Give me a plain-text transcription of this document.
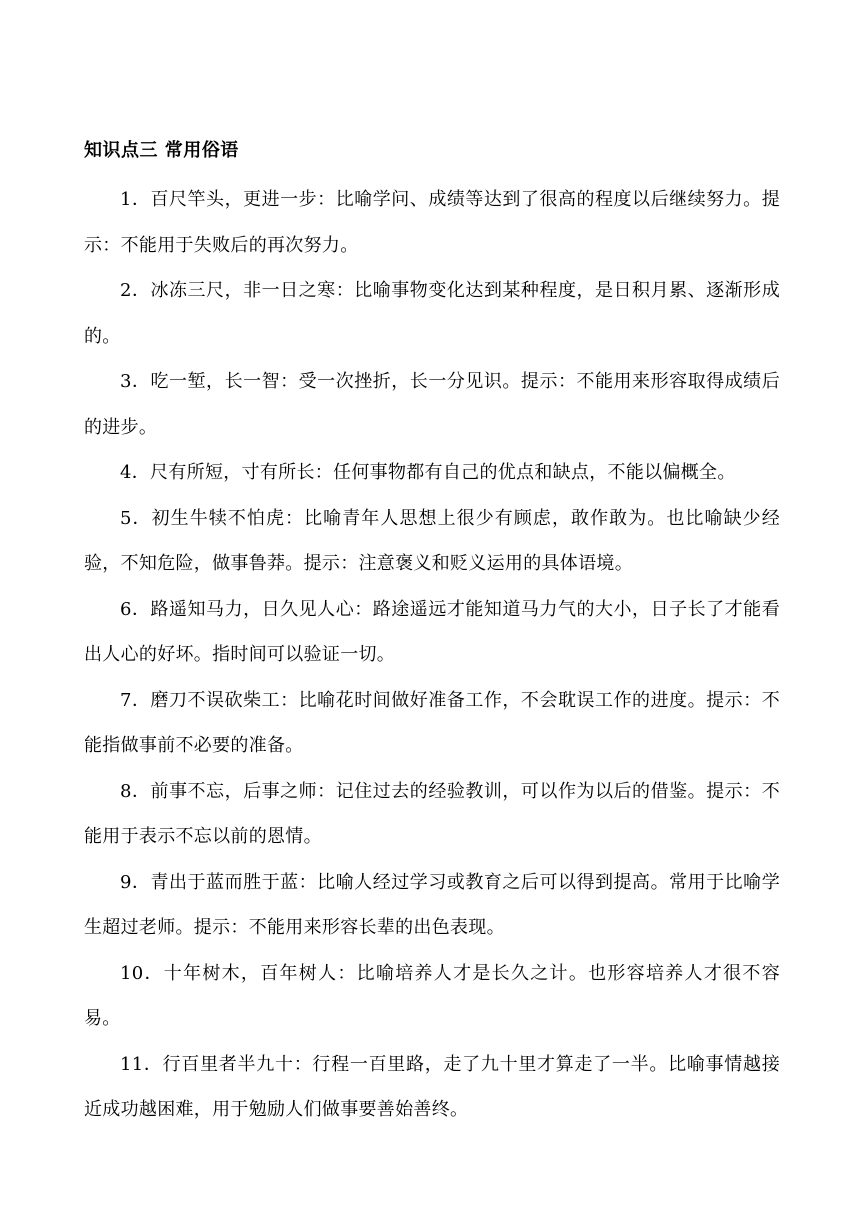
知识点三 常用俗语

1．百尺竿头，更进一步：比喻学问、成绩等达到了很高的程度以后继续努力。提示：不能用于失败后的再次努力。

2．冰冻三尺，非一日之寒：比喻事物变化达到某种程度，是日积月累、逐渐形成的。

3．吃一堑，长一智：受一次挫折，长一分见识。提示：不能用来形容取得成绩后的进步。

4．尺有所短，寸有所长：任何事物都有自己的优点和缺点，不能以偏概全。

5．初生牛犊不怕虎：比喻青年人思想上很少有顾虑，敢作敢为。也比喻缺少经验，不知危险，做事鲁莽。提示：注意褒义和贬义运用的具体语境。

6．路遥知马力，日久见人心：路途遥远才能知道马力气的大小，日子长了才能看出人心的好坏。指时间可以验证一切。

7．磨刀不误砍柴工：比喻花时间做好准备工作，不会耽误工作的进度。提示：不能指做事前不必要的准备。

8．前事不忘，后事之师：记住过去的经验教训，可以作为以后的借鉴。提示：不能用于表示不忘以前的恩情。

9．青出于蓝而胜于蓝：比喻人经过学习或教育之后可以得到提高。常用于比喻学生超过老师。提示：不能用来形容长辈的出色表现。

10．十年树木，百年树人：比喻培养人才是长久之计。也形容培养人才很不容易。

11．行百里者半九十：行程一百里路，走了九十里才算走了一半。比喻事情越接近成功越困难，用于勉励人们做事要善始善终。
